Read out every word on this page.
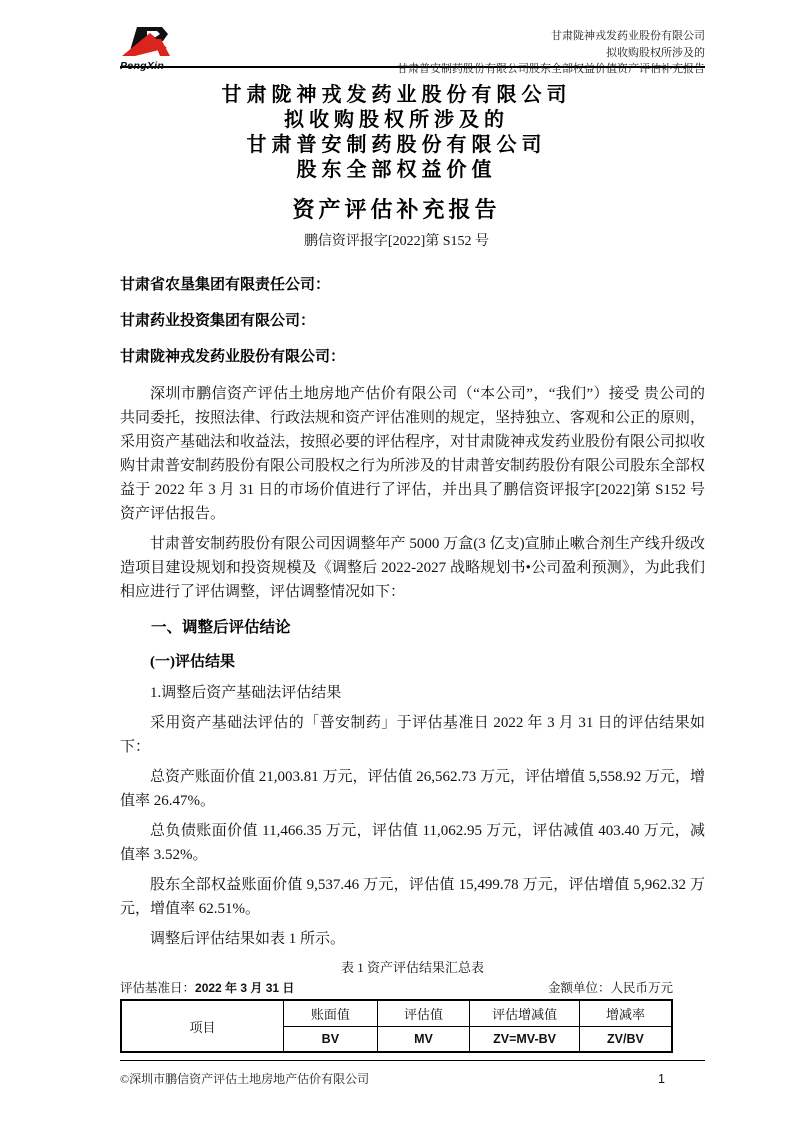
PengXin
甘肃陇神戎发药业股份有限公司
拟收购股权所涉及的
甘肃普安制药股份有限公司股东全部权益价值资产评估补充报告
甘肃陇神戎发药业股份有限公司
拟收购股权所涉及的
甘肃普安制药股份有限公司
股东全部权益价值
资产评估补充报告
鹏信资评报字[2022]第 S152 号
甘肃省农垦集团有限责任公司：
甘肃药业投资集团有限公司：
甘肃陇神戎发药业股份有限公司：

深圳市鹏信资产评估土地房地产估价有限公司（“本公司”，“我们”）接受 贵公司的共同委托，按照法律、行政法规和资产评估准则的规定，坚持独立、客观和公正的原则，采用资产基础法和收益法，按照必要的评估程序，对甘肃陇神戎发药业股份有限公司拟收购甘肃普安制药股份有限公司股权之行为所涉及的甘肃普安制药股份有限公司股东全部权益于 2022 年 3 月 31 日的市场价值进行了评估，并出具了鹏信资评报字[2022]第 S152 号资产评估报告。

甘肃普安制药股份有限公司因调整年产 5000 万盒(3 亿支)宣肺止嗽合剂生产线升级改造项目建设规划和投资规模及《调整后 2022-2027 战略规划书•公司盈利预测》，为此我们相应进行了评估调整，评估调整情况如下：

一、调整后评估结论
(一)评估结果
1.调整后资产基础法评估结果

采用资产基础法评估的「普安制药」于评估基准日 2022 年 3 月 31 日的评估结果如下：

总资产账面价值 21,003.81 万元，评估值 26,562.73 万元，评估增值 5,558.92 万元，增值率 26.47%。

总负债账面价值 11,466.35 万元，评估值 11,062.95 万元，评估减值 403.40 万元，减值率 3.52%。

股东全部权益账面价值 9,537.46 万元，评估值 15,499.78 万元，评估增值 5,962.32 万元，增值率 62.51%。

调整后评估结果如表 1 所示。

表 1 资产评估结果汇总表
评估基准日：2022 年 3 月 31 日	金额单位：人民币万元
项目	账面值	评估值	评估增减值	增减率
	BV	MV	ZV=MV-BV	ZV/BV
©深圳市鹏信资产评估土地房地产估价有限公司	1
